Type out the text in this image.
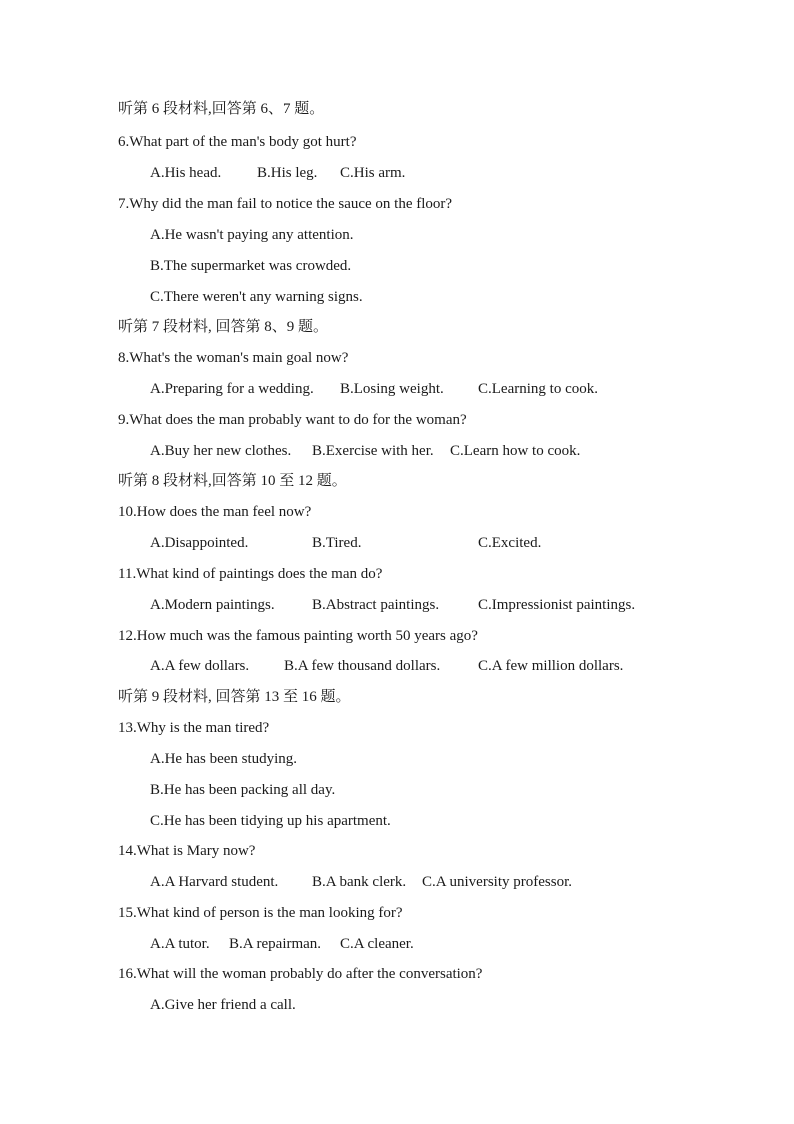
听第 6 段材料,回答第 6、7 题。
6.What part of the man's body got hurt?
A.His head. B.His leg. C.His arm.
7.Why did the man fail to notice the sauce on the floor?
A.He wasn't paying any attention.
B.The supermarket was crowded.
C.There weren't any warning signs.
听第 7 段材料, 回答第 8、9 题。
8.What's the woman's main goal now?
A.Preparing for a wedding. B.Losing weight. C.Learning to cook.
9.What does the man probably want to do for the woman?
A.Buy her new clothes. B.Exercise with her. C.Learn how to cook.
听第 8 段材料,回答第 10 至 12 题。
10.How does the man feel now?
A.Disappointed.	B.Tired.	C.Excited.
11.What kind of paintings does the man do?
A.Modern paintings. B.Abstract paintings.	C.Impressionist paintings.
12.How much was the famous painting worth 50 years ago?
A.A few dollars. B.A few thousand dollars.	C.A few million dollars.
听第 9 段材料, 回答第 13 至 16 题。
13.Why is the man tired?
A.He has been studying.
B.He has been packing all day.
C.He has been tidying up his apartment.
14.What is Mary now?
A.A Harvard student. B.A bank clerk. C.A university professor.
15.What kind of person is the man looking for?
A.A tutor. B.A repairman. C.A cleaner.
16.What will the woman probably do after the conversation?
A.Give her friend a call.
